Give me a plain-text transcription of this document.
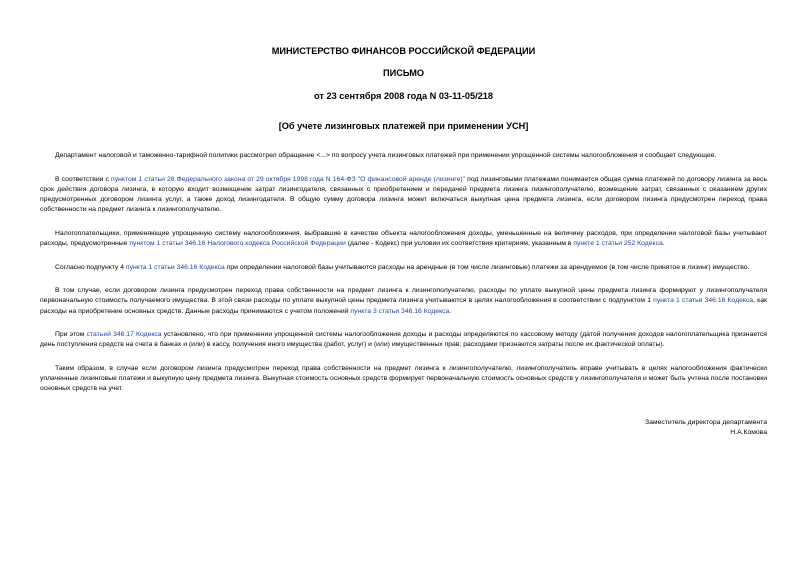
МИНИСТЕРСТВО ФИНАНСОВ РОССИЙСКОЙ ФЕДЕРАЦИИ
ПИСЬМО
от 23 сентября 2008 года N 03-11-05/218
[Об учете лизинговых платежей при применении УСН]

Департамент налоговой и таможенно-тарифной политики рассмотрел обращение <...> по вопросу учета лизинговых платежей при применении упрощенной системы налогообложения и сообщает следующее.

В соответствии с пунктом 1 статьи 28 Федерального закона от 29 октября 1998 года N 164-ФЗ "О финансовой аренде (лизинге)" под лизинговыми платежами понимается общая сумма платежей по договору лизинга за весь срок действия договора лизинга, в которую входит возмещение затрат лизингодателя, связанных с приобретением и передачей предмета лизинга лизингополучателю, возмещение затрат, связанных с оказанием других предусмотренных договором лизинга услуг, а также доход лизингодателя. В общую сумму договора лизинга может включаться выкупная цена предмета лизинга, если договором лизинга предусмотрен переход права собственности на предмет лизинга к лизингополучателю.

Налогоплательщики, применяющие упрощенную систему налогообложения, выбравшие в качестве объекта налогообложения доходы, уменьшенные на величину расходов, при определении налоговой базы учитывают расходы, предусмотренные пунктом 1 статьи 346.16 Налогового кодекса Российской Федерации (далее - Кодекс) при условии их соответствия критериям, указанным в пункте 1 статьи 252 Кодекса.

Согласно подпункту 4 пункта 1 статьи 346.16 Кодекса при определении налоговой базы учитываются расходы на арендные (в том числе лизинговые) платежи за арендуемое (в том числе принятое в лизинг) имущество.

В том случае, если договором лизинга предусмотрен переход права собственности на предмет лизинга к лизингополучателю, расходы по уплате выкупной цены предмета лизинга формируют у лизингополучателя первоначальную стоимость получаемого имущества. В этой связи расходы по уплате выкупной цены предмета лизинга учитываются в целях налогообложения в соответствии с подпунктом 1 пункта 1 статьи 346.16 Кодекса, как расходы на приобретение основных средств. Данные расходы принимаются с учетом положений пункта 3 статьи 346.16 Кодекса.

При этом статьей 346.17 Кодекса установлено, что при применении упрощенной системы налогообложения доходы и расходы определяются по кассовому методу (датой получения доходов налогоплательщика признается день поступления средств на счета в банках и (или) в кассу, получения иного имущества (работ, услуг) и (или) имущественных прав; расходами признаются затраты после их фактической оплаты).

Таким образом, в случае если договором лизинга предусмотрен переход права собственности на предмет лизинга к лизингополучателю, лизингополучатель вправе учитывать в целях налогообложения фактически уплаченные лизинговые платежи и выкупную цену предмета лизинга. Выкупная стоимость основных средств формирует первоначальную стоимость основных средств у лизингополучателя и может быть учтена после постановки основных средств на учет.

Заместитель директора департамента
Н.А.Комова
